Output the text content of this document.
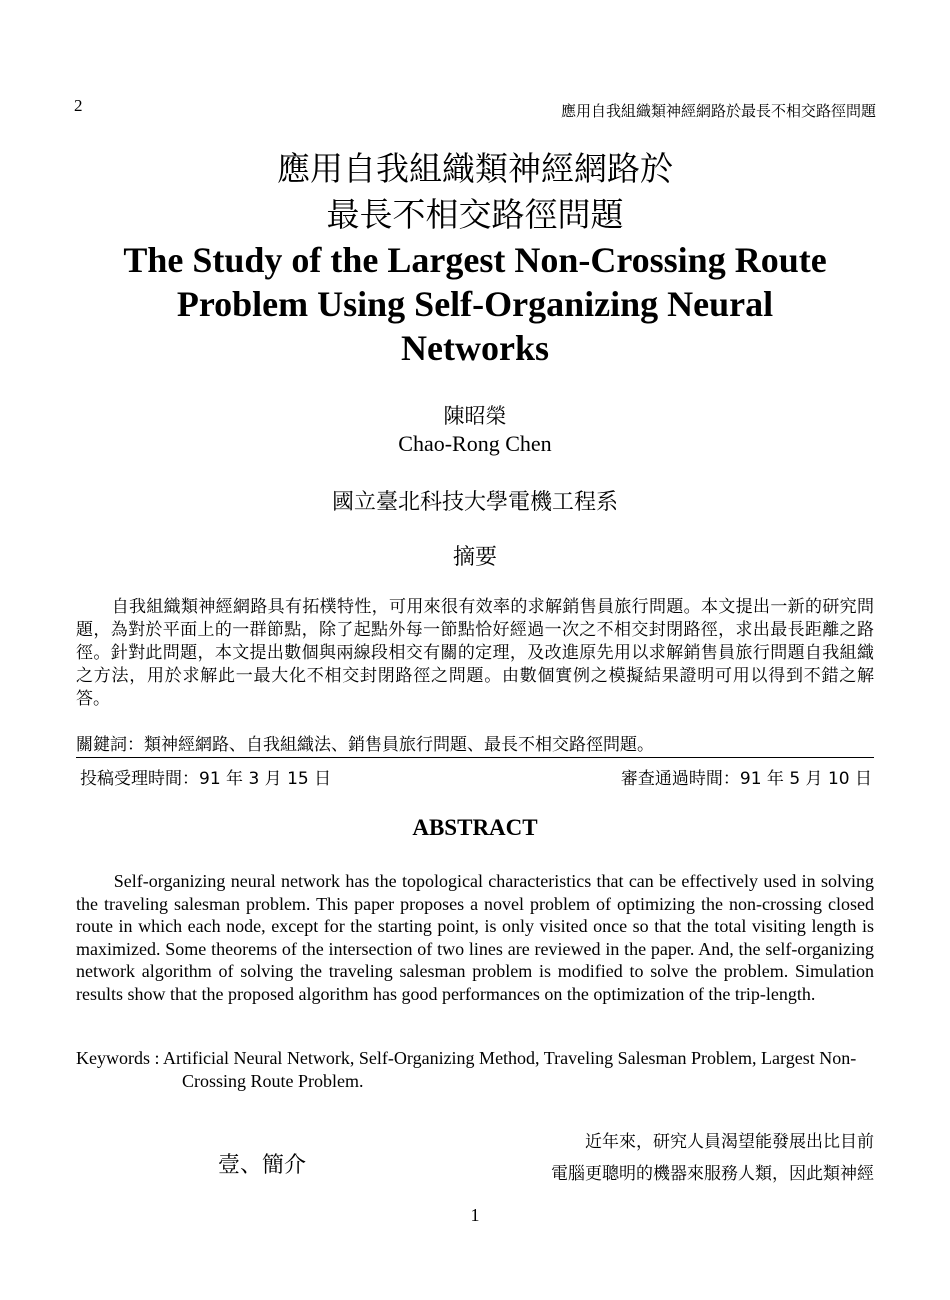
2	應用自我組織類神經網路於最長不相交路徑問題
應用自我組織類神經網路於
最長不相交路徑問題
The Study of the Largest Non-Crossing Route
Problem Using Self-Organizing Neural
Networks
陳昭榮
Chao-Rong Chen
國立臺北科技大學電機工程系
摘要
自我組織類神經網路具有拓樸特性，可用來很有效率的求解銷售員旅行問題。本文提出一新的研究問題，為對於平面上的一群節點，除了起點外每一節點恰好經過一次之不相交封閉路徑，求出最長距離之路徑。針對此問題，本文提出數個與兩線段相交有關的定理，及改進原先用以求解銷售員旅行問題自我組織之方法，用於求解此一最大化不相交封閉路徑之問題。由數個實例之模擬結果證明可用以得到不錯之解答。
關鍵詞：類神經網路、自我組織法、銷售員旅行問題、最長不相交路徑問題。
投稿受理時間：91 年 3 月 15 日	審查通過時間：91 年 5 月 10 日
ABSTRACT
Self-organizing neural network has the topological characteristics that can be effectively used in solving the traveling salesman problem. This paper proposes a novel problem of optimizing the non-crossing closed route in which each node, except for the starting point, is only visited once so that the total visiting length is maximized. Some theorems of the intersection of two lines are reviewed in the paper. And, the self-organizing network algorithm of solving the traveling salesman problem is modified to solve the problem. Simulation results show that the proposed algorithm has good performances on the optimization of the trip-length.
Keywords : Artificial Neural Network, Self-Organizing Method, Traveling Salesman Problem, Largest Non-Crossing Route Problem.
壹、簡介
近年來，研究人員渴望能發展出比目前
電腦更聰明的機器來服務人類，因此類神經
1
